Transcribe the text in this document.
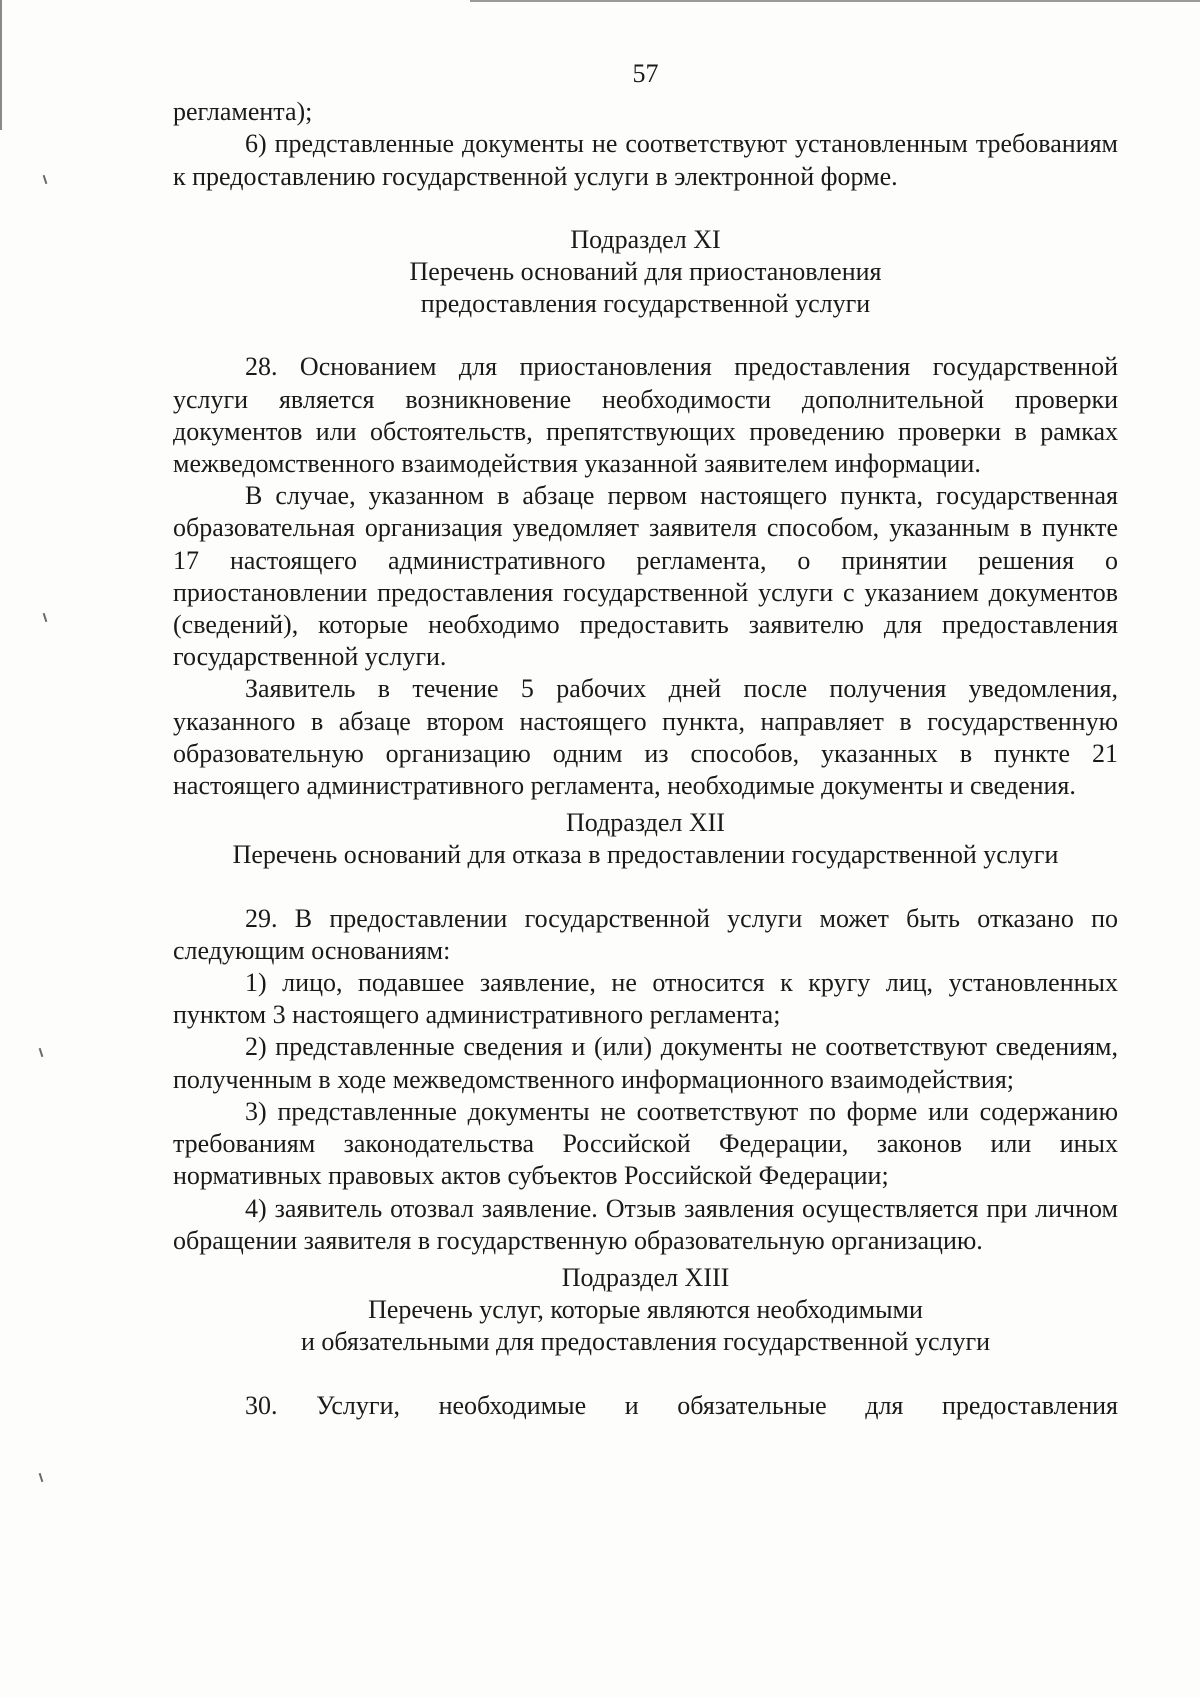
57

регламента);

6) представленные документы не соответствуют установленным требованиям к предоставлению государственной услуги в электронной форме.

Подраздел XI
Перечень оснований для приостановления
предоставления государственной услуги

28. Основанием для приостановления предоставления государственной услуги является возникновение необходимости дополнительной проверки документов или обстоятельств, препятствующих проведению проверки в рамках межведомственного взаимодействия указанной заявителем информации.

В случае, указанном в абзаце первом настоящего пункта, государственная образовательная организация уведомляет заявителя способом, указанным в пункте 17 настоящего административного регламента, о принятии решения о приостановлении предоставления государственной услуги с указанием документов (сведений), которые необходимо предоставить заявителю для предоставления государственной услуги.

Заявитель в течение 5 рабочих дней после получения уведомления, указанного в абзаце втором настоящего пункта, направляет в государственную образовательную организацию одним из способов, указанных в пункте 21 настоящего административного регламента, необходимые документы и сведения.

Подраздел XII
Перечень оснований для отказа в предоставлении государственной услуги

29. В предоставлении государственной услуги может быть отказано по следующим основаниям:

1) лицо, подавшее заявление, не относится к кругу лиц, установленных пунктом 3 настоящего административного регламента;

2) представленные сведения и (или) документы не соответствуют сведениям, полученным в ходе межведомственного информационного взаимодействия;

3) представленные документы не соответствуют по форме или содержанию требованиям законодательства Российской Федерации, законов или иных нормативных правовых актов субъектов Российской Федерации;

4) заявитель отозвал заявление. Отзыв заявления осуществляется при личном обращении заявителя в государственную образовательную организацию.

Подраздел XIII
Перечень услуг, которые являются необходимыми
и обязательными для предоставления государственной услуги

30. Услуги, необходимые и обязательные для предоставления
